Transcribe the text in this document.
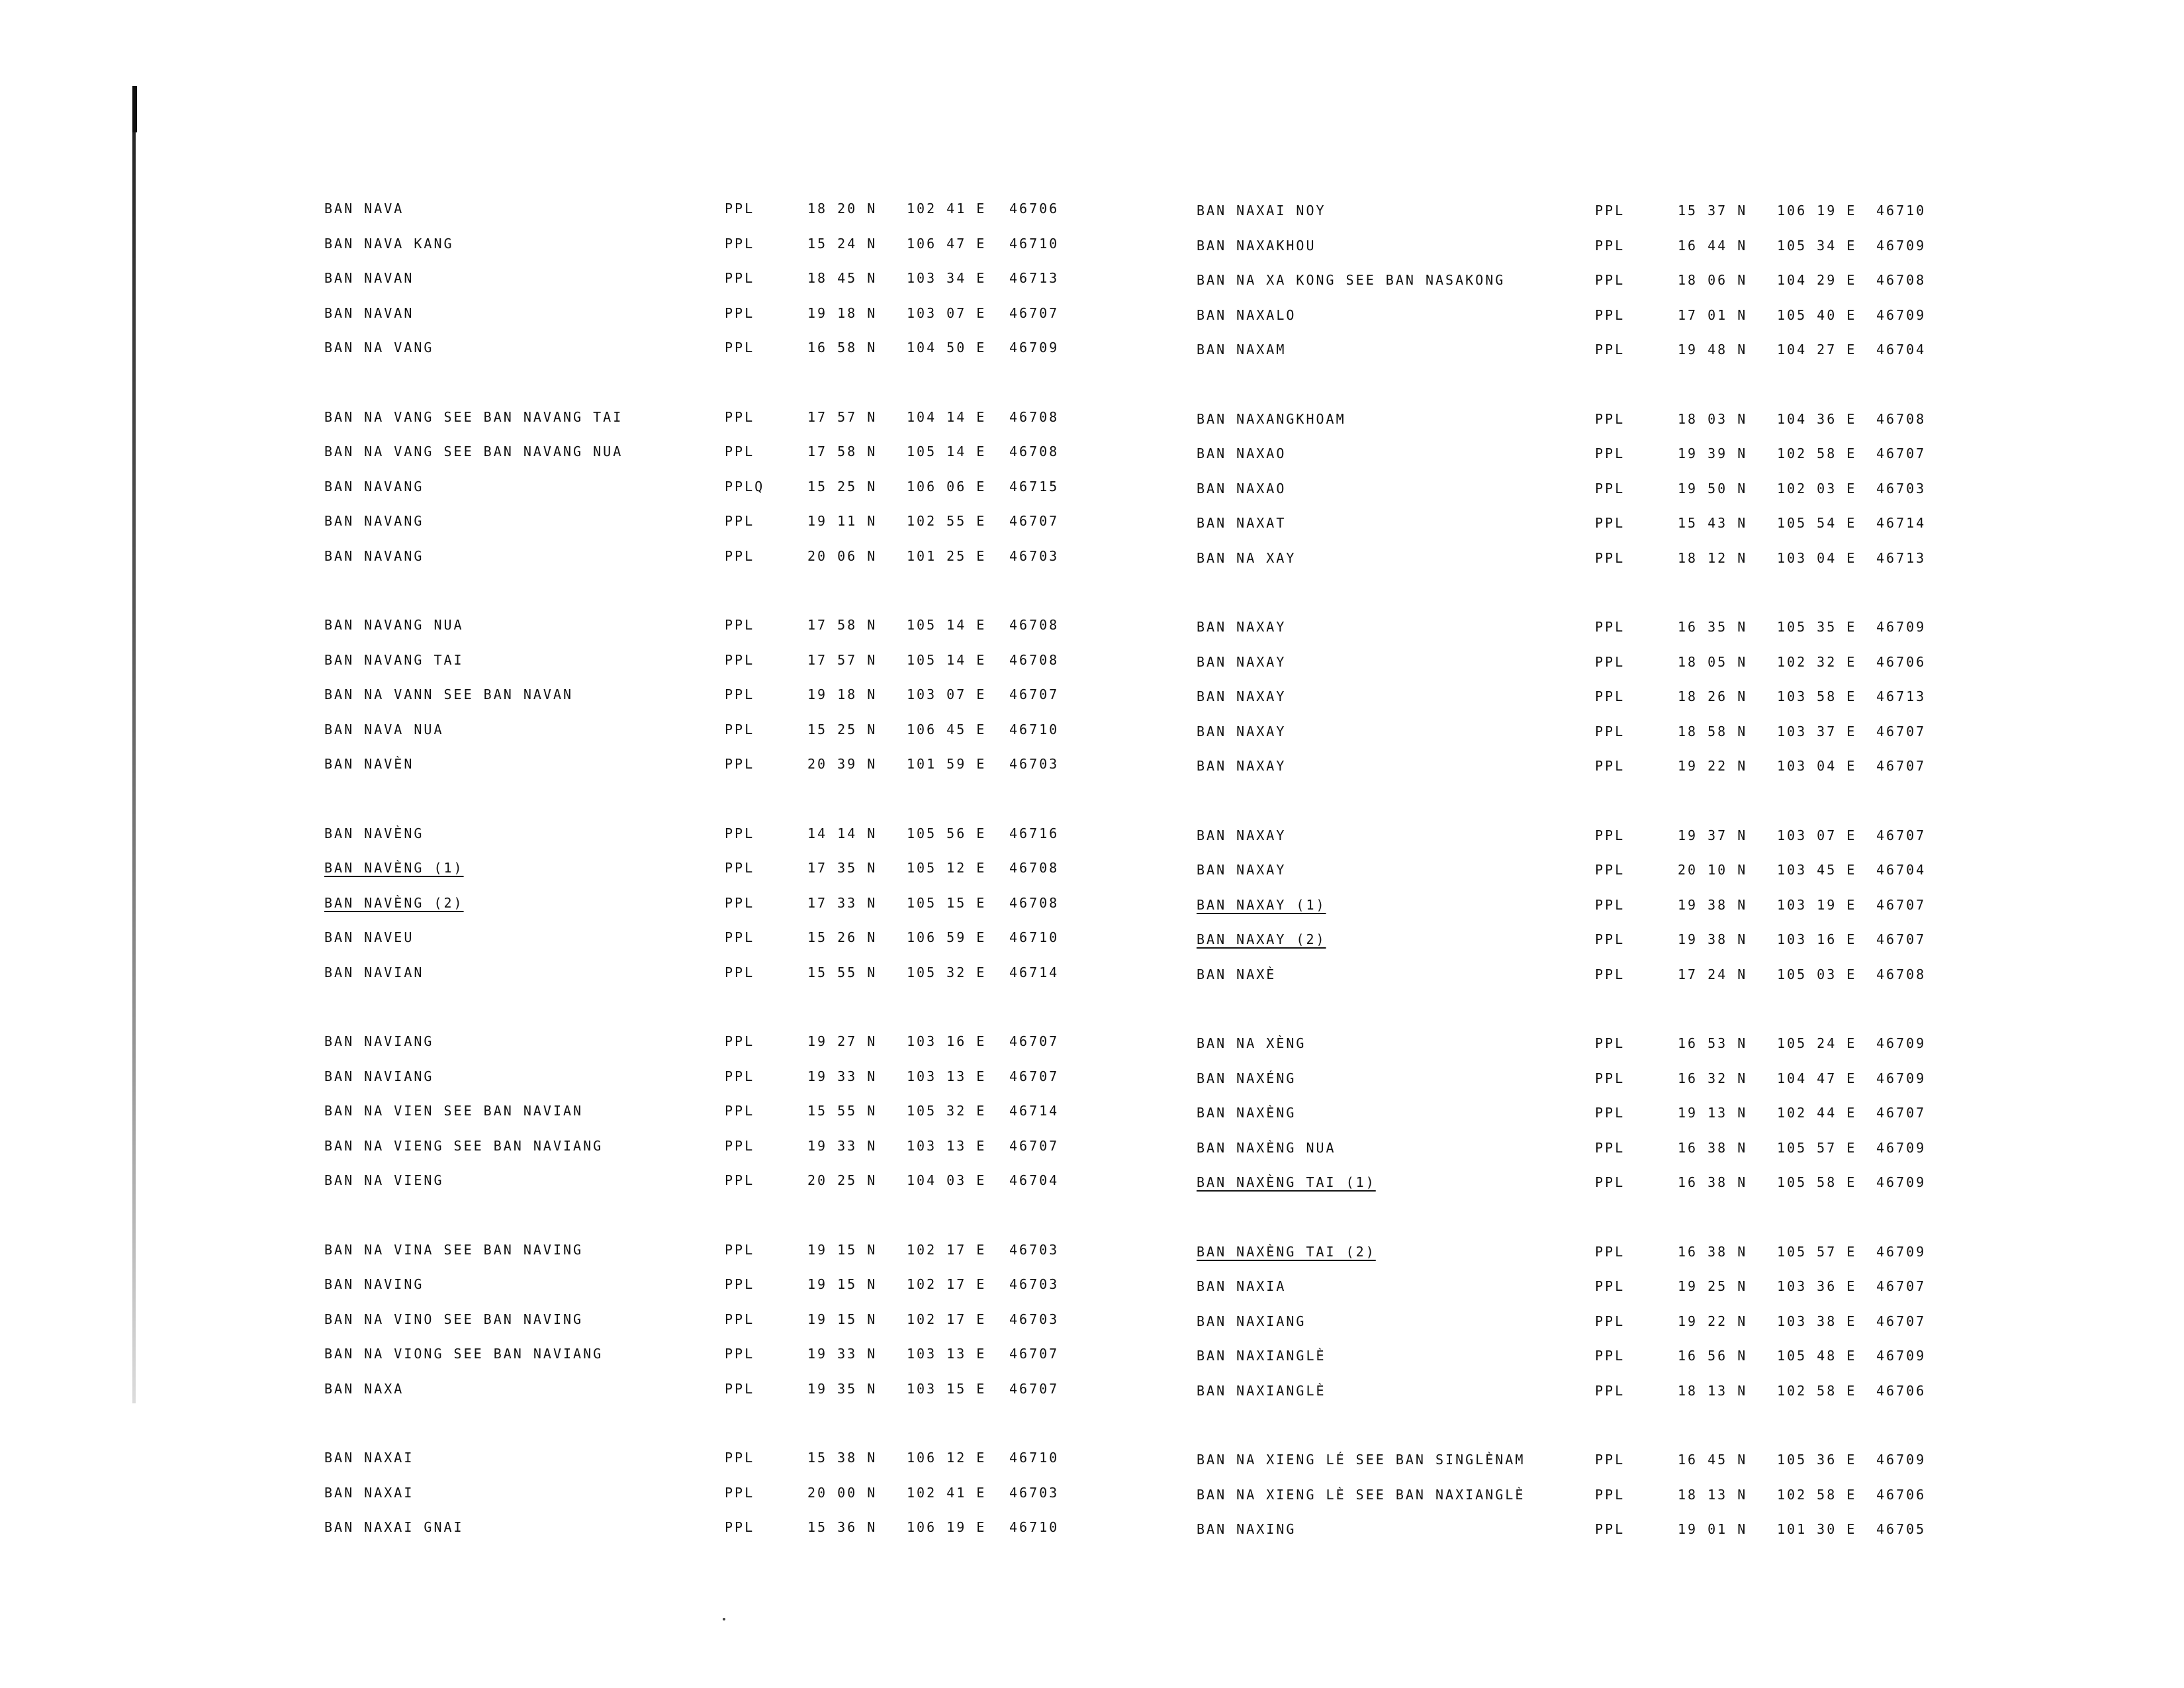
BAN NAVA	PPL	18 20 N 102 41 E 46706
BAN NAVA KANG	PPL	15 24 N 106 47 E 46710
BAN NAVAN	PPL	18 45 N 103 34 E 46713
BAN NAVAN	PPL	19 18 N 103 07 E 46707
BAN NA VANG	PPL	16 58 N 104 50 E 46709
BAN NA VANG SEE BAN NAVANG TAI	PPL	17 57 N 104 14 E 46708
BAN NA VANG SEE BAN NAVANG NUA	PPL	17 58 N 105 14 E 46708
BAN NAVANG	PPLQ	15 25 N 106 06 E 46715
BAN NAVANG	PPL	19 11 N 102 55 E 46707
BAN NAVANG	PPL	20 06 N 101 25 E 46703
BAN NAVANG NUA	PPL	17 58 N 105 14 E 46708
BAN NAVANG TAI	PPL	17 57 N 105 14 E 46708
BAN NA VANN SEE BAN NAVAN	PPL	19 18 N 103 07 E 46707
BAN NAVA NUA	PPL	15 25 N 106 45 E 46710
BAN NAVÈN	PPL	20 39 N 101 59 E 46703
BAN NAVÈNG	PPL	14 14 N 105 56 E 46716
BAN NAVÈNG (1)	PPL	17 35 N 105 12 E 46708
BAN NAVÈNG (2)	PPL	17 33 N 105 15 E 46708
BAN NAVEU	PPL	15 26 N 106 59 E 46710
BAN NAVIAN	PPL	15 55 N 105 32 E 46714
BAN NAVIANG	PPL	19 27 N 103 16 E 46707
BAN NAVIANG	PPL	19 33 N 103 13 E 46707
BAN NA VIEN SEE BAN NAVIAN	PPL	15 55 N 105 32 E 46714
BAN NA VIENG SEE BAN NAVIANG	PPL	19 33 N 103 13 E 46707
BAN NA VIENG	PPL	20 25 N 104 03 E 46704
BAN NA VINA SEE BAN NAVING	PPL	19 15 N 102 17 E 46703
BAN NAVING	PPL	19 15 N 102 17 E 46703
BAN NA VINO SEE BAN NAVING	PPL	19 15 N 102 17 E 46703
BAN NA VIONG SEE BAN NAVIANG	PPL	19 33 N 103 13 E 46707
BAN NAXA	PPL	19 35 N 103 15 E 46707
BAN NAXAI	PPL	15 38 N 106 12 E 46710
BAN NAXAI	PPL	20 00 N 102 41 E 46703
BAN NAXAI GNAI	PPL	15 36 N 106 19 E 46710
BAN NAXAI NOY	PPL	15 37 N 106 19 E 46710
BAN NAXAKHOU	PPL	16 44 N 105 34 E 46709
BAN NA XA KONG SEE BAN NASAKONG	PPL	18 06 N 104 29 E 46708
BAN NAXALO	PPL	17 01 N 105 40 E 46709
BAN NAXAM	PPL	19 48 N 104 27 E 46704
BAN NAXANGKHOAM	PPL	18 03 N 104 36 E 46708
BAN NAXAO	PPL	19 39 N 102 58 E 46707
BAN NAXAO	PPL	19 50 N 102 03 E 46703
BAN NAXAT	PPL	15 43 N 105 54 E 46714
BAN NA XAY	PPL	18 12 N 103 04 E 46713
BAN NAXAY	PPL	16 35 N 105 35 E 46709
BAN NAXAY	PPL	18 05 N 102 32 E 46706
BAN NAXAY	PPL	18 26 N 103 58 E 46713
BAN NAXAY	PPL	18 58 N 103 37 E 46707
BAN NAXAY	PPL	19 22 N 103 04 E 46707
BAN NAXAY	PPL	19 37 N 103 07 E 46707
BAN NAXAY	PPL	20 10 N 103 45 E 46704
BAN NAXAY (1)	PPL	19 38 N 103 19 E 46707
BAN NAXAY (2)	PPL	19 38 N 103 16 E 46707
BAN NAXÈ	PPL	17 24 N 105 03 E 46708
BAN NA XÈNG	PPL	16 53 N 105 24 E 46709
BAN NAXÉNG	PPL	16 32 N 104 47 E 46709
BAN NAXÈNG	PPL	19 13 N 102 44 E 46707
BAN NAXÈNG NUA	PPL	16 38 N 105 57 E 46709
BAN NAXÈNG TAI (1)	PPL	16 38 N 105 58 E 46709
BAN NAXÈNG TAI (2)	PPL	16 38 N 105 57 E 46709
BAN NAXIA	PPL	19 25 N 103 36 E 46707
BAN NAXIANG	PPL	19 22 N 103 38 E 46707
BAN NAXIANGLÈ	PPL	16 56 N 105 48 E 46709
BAN NAXIANGLÈ	PPL	18 13 N 102 58 E 46706
BAN NA XIENG LÉ SEE BAN SINGLÈNAM	PPL	16 45 N 105 36 E 46709
BAN NA XIENG LÈ SEE BAN NAXIANGLÈ	PPL	18 13 N 102 58 E 46706
BAN NAXING	PPL	19 01 N 101 30 E 46705
